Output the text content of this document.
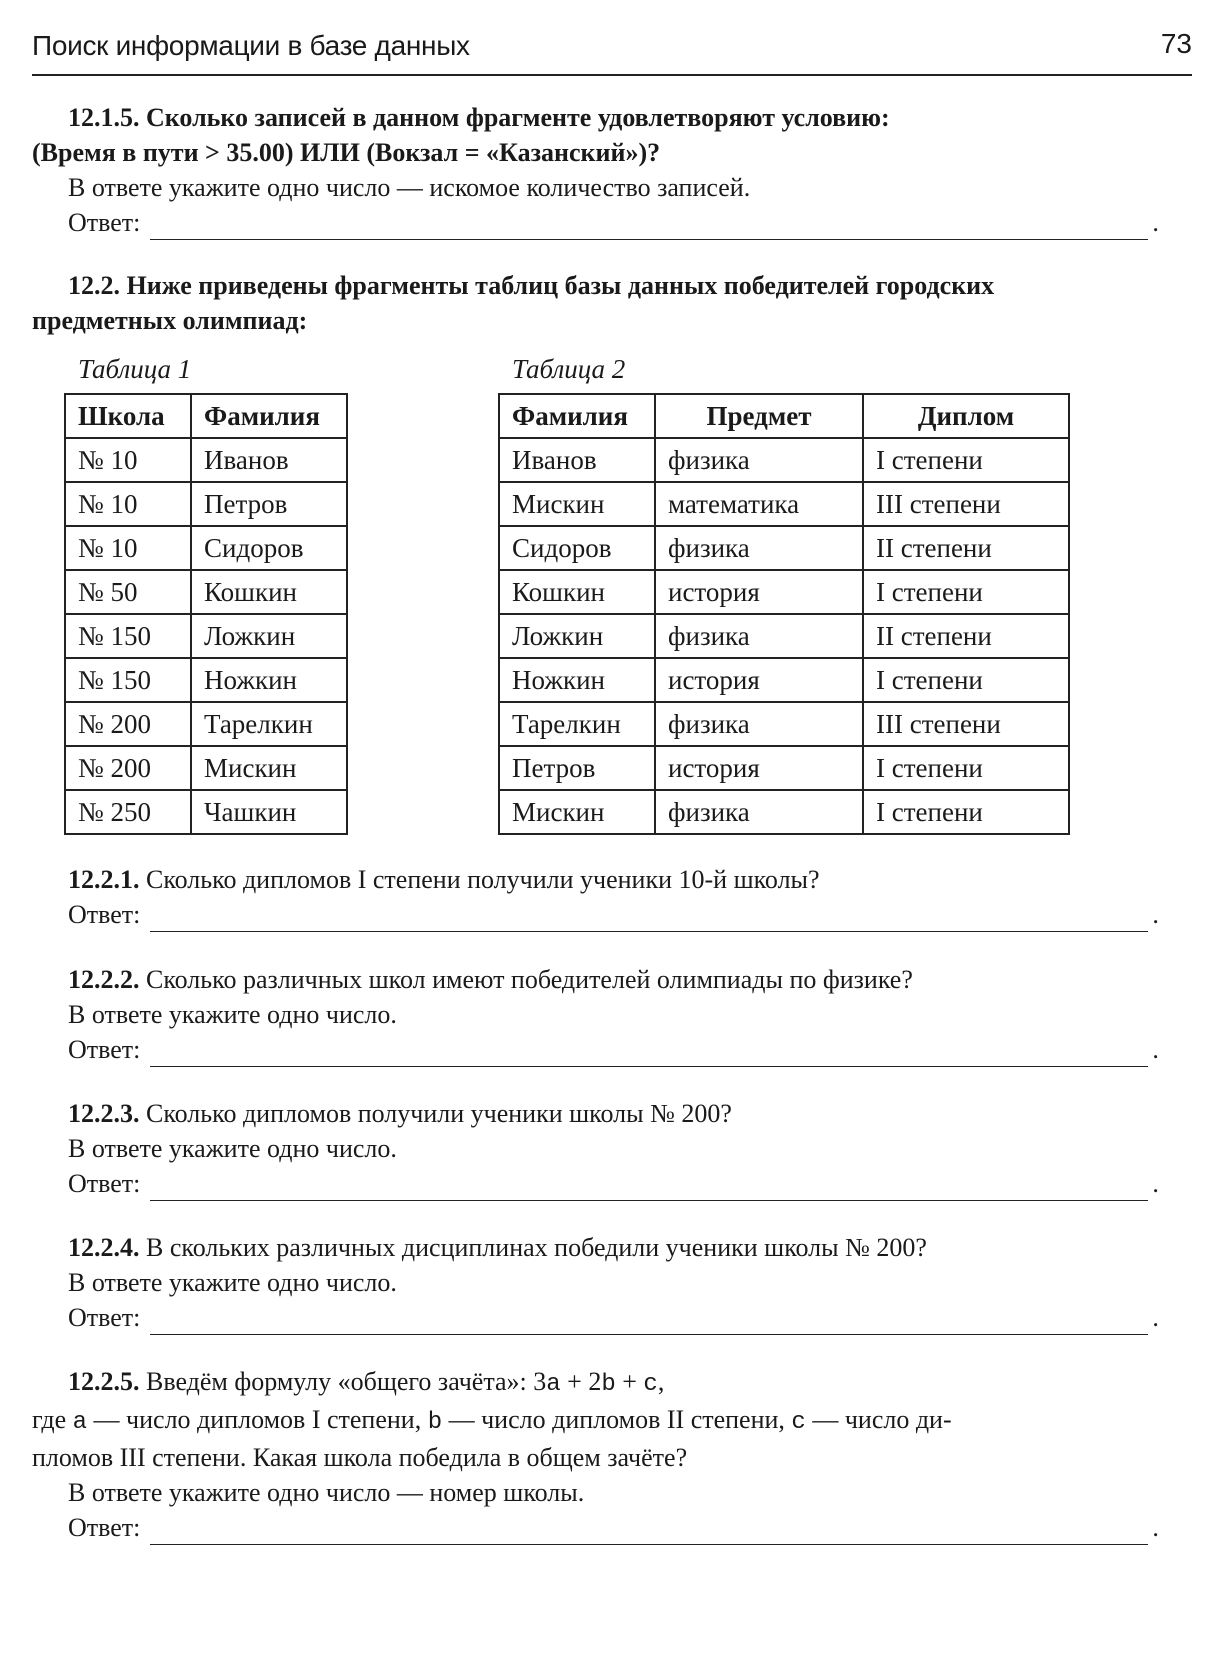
Поиск информации в базе данных	73
12.1.5. Сколько записей в данном фрагменте удовлетворяют условию:
(Время в пути > 35.00) ИЛИ (Вокзал = «Казанский»)?
В ответе укажите одно число — искомое количество записей.
Ответ:	.
12.2. Ниже приведены фрагменты таблиц базы данных победителей городских
предметных олимпиад:
Таблица 1
Школа	Фамилия
№ 10	Иванов
№ 10	Петров
№ 10	Сидоров
№ 50	Кошкин
№ 150	Ложкин
№ 150	Ножкин
№ 200	Тарелкин
№ 200	Мискин
№ 250	Чашкин
Таблица 2
Фамилия	Предмет	Диплом
Иванов	физика	I степени
Мискин	математика	III степени
Сидоров	физика	II степени
Кошкин	история	I степени
Ложкин	физика	II степени
Ножкин	история	I степени
Тарелкин	физика	III степени
Петров	история	I степени
Мискин	физика	I степени
12.2.1. Сколько дипломов I степени получили ученики 10-й школы?
Ответ:	.
12.2.2. Сколько различных школ имеют победителей олимпиады по физике?
В ответе укажите одно число.
Ответ:	.
12.2.3. Сколько дипломов получили ученики школы № 200?
В ответе укажите одно число.
Ответ:	.
12.2.4. В скольких различных дисциплинах победили ученики школы № 200?
В ответе укажите одно число.
Ответ:	.
12.2.5. Введём формулу «общего зачёта»: 3a + 2b + c,
где a — число дипломов I степени, b — число дипломов II степени, c — число ди-
пломов III степени. Какая школа победила в общем зачёте?
В ответе укажите одно число — номер школы.
Ответ:	.
